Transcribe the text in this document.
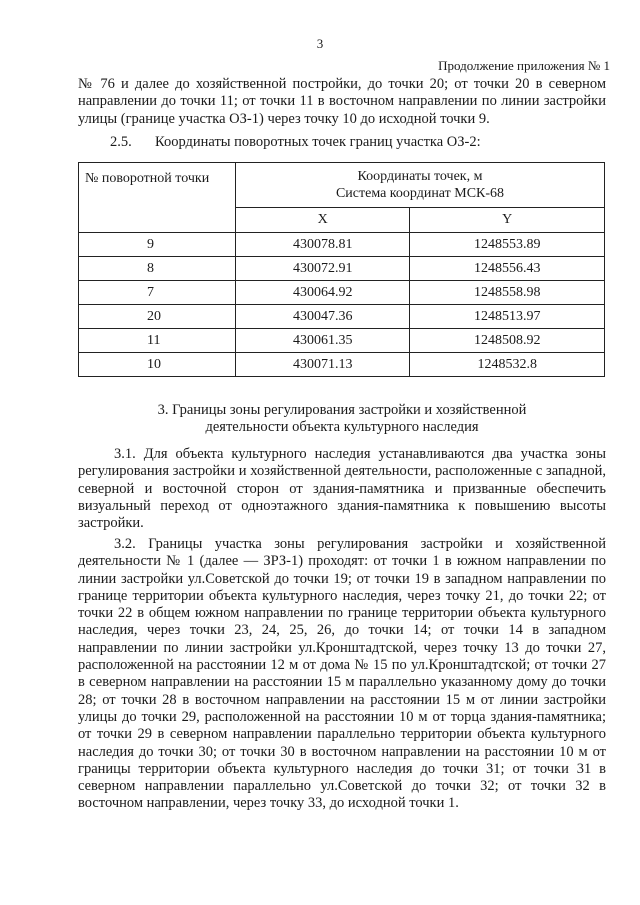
3
Продолжение приложения № 1
№ 76 и далее до хозяйственной постройки, до точки 20; от точки 20 в северном направлении до точки 11; от точки 11 в восточном направлении по линии застройки улицы (границе участка ОЗ-1) через точку 10 до исходной точки 9.
2.5. Координаты поворотных точек границ участка ОЗ-2:
№ поворотной точки	Координаты точек, м
Система координат МСК-68	

	X	Y
9	430078.81	1248553.89
8	430072.91	1248556.43
7	430064.92	1248558.98
20	430047.36	1248513.97
11	430061.35	1248508.92
10	430071.13	1248532.8
3. Границы зоны регулирования застройки и хозяйственной
деятельности объекта культурного наследия
3.1. Для объекта культурного наследия устанавливаются два участка зоны регулирования застройки и хозяйственной деятельности, расположенные с западной, северной и восточной сторон от здания-памятника и призванные обеспечить визуальный переход от одноэтажного здания-памятника к повышению высоты застройки.
3.2. Границы участка зоны регулирования застройки и хозяйственной деятельности № 1 (далее — ЗРЗ-1) проходят: от точки 1 в южном направлении по линии застройки ул.Советской до точки 19; от точки 19 в западном направлении по границе территории объекта культурного наследия, через точку 21, до точки 22; от точки 22 в общем южном направлении по границе территории объекта культурного наследия, через точки 23, 24, 25, 26, до точки 14; от точки 14 в западном направлении по линии застройки ул.Кронштадтской, через точку 13 до точки 27, расположенной на расстоянии 12 м от дома № 15 по ул.Кронштадтской; от точки 27 в северном направлении на расстоянии 15 м параллельно указанному дому до точки 28; от точки 28 в восточном направлении на расстоянии 15 м от линии застройки улицы до точки 29, расположенной на расстоянии 10 м от торца здания-памятника; от точки 29 в северном направлении параллельно территории объекта культурного наследия до точки 30; от точки 30 в восточном направлении на расстоянии 10 м от границы территории объекта культурного наследия до точки 31; от точки 31 в северном направлении параллельно ул.Советской до точки 32; от точки 32 в восточном направлении, через точку 33, до исходной точки 1.
